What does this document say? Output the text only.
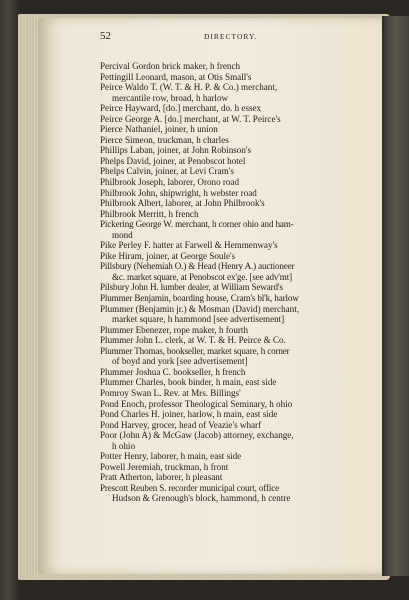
52	DIRECTORY.
Percival Gordon brick maker, h french
Pettingill Leonard, mason, at Otis Small's
Peirce Waldo T. (W. T. & H. P. & Co.) merchant,
mercantile row, broad, h harlow
Peirce Hayward, [do.] merchant, do. h essex
Peirce George A. [do.] merchant, at W. T. Peirce's
Pierce Nathaniel, joiner, h union
Pierce Simeon, truckman, h charles
Phillips Laban, joiner, at John Robinson's
Phelps David, joiner, at Penobscot hotel
Phelps Calvin, joiner, at Levi Cram's
Philbrook Joseph, laborer, Orono road
Philbrook John, shipwright, h webster road
Philbrook Albert, laborer, at John Philbrook's
Philbrook Merritt, h french
Pickering George W. merchant, h corner ohio and ham-
mond
Pike Perley F. hatter at Farwell & Hemmenway's
Pike Hiram, joiner, at George Soule's
Pillsbury (Nehemiah O.) & Head (Henry A.) auctioneer
&c. market square, at Penobscot ex'ge. [see adv'mt]
Pilsbury John H. lumber dealer, at William Seward's
Plummer Benjamin, boarding house, Cram's bl'k, harlow
Plummer (Benjamin jr.) & Mosman (David) merchant,
market square, h hammond [see advertisement]
Plummer Ebenezer, rope maker, h fourth
Plummer John L. clerk, at W. T. & H. Peirce & Co.
Plummer Thomas, bookseller, market square, h corner
of boyd and york [see advertisement]
Plummer Joshua C. bookseller, h french
Plummer Charles, book binder, h main, east side
Pomroy Swan L. Rev. at Mrs. Billings'
Pond Enoch, professor Theological Seminary, h ohio
Pond Charles H. joiner, harlow, h main, east side
Pond Harvey, grocer, head of Veazie's wharf
Poor (John A) & McGaw (Jacob) attorney, exchange,
h ohio
Potter Henry, laborer, h main, east side
Powell Jeremiah, truckman, h front
Pratt Atherton, laborer, h pleasant
Prescott Reuben S. recorder municipal court, office
Hudson & Grenough's block, hammond, h centre
